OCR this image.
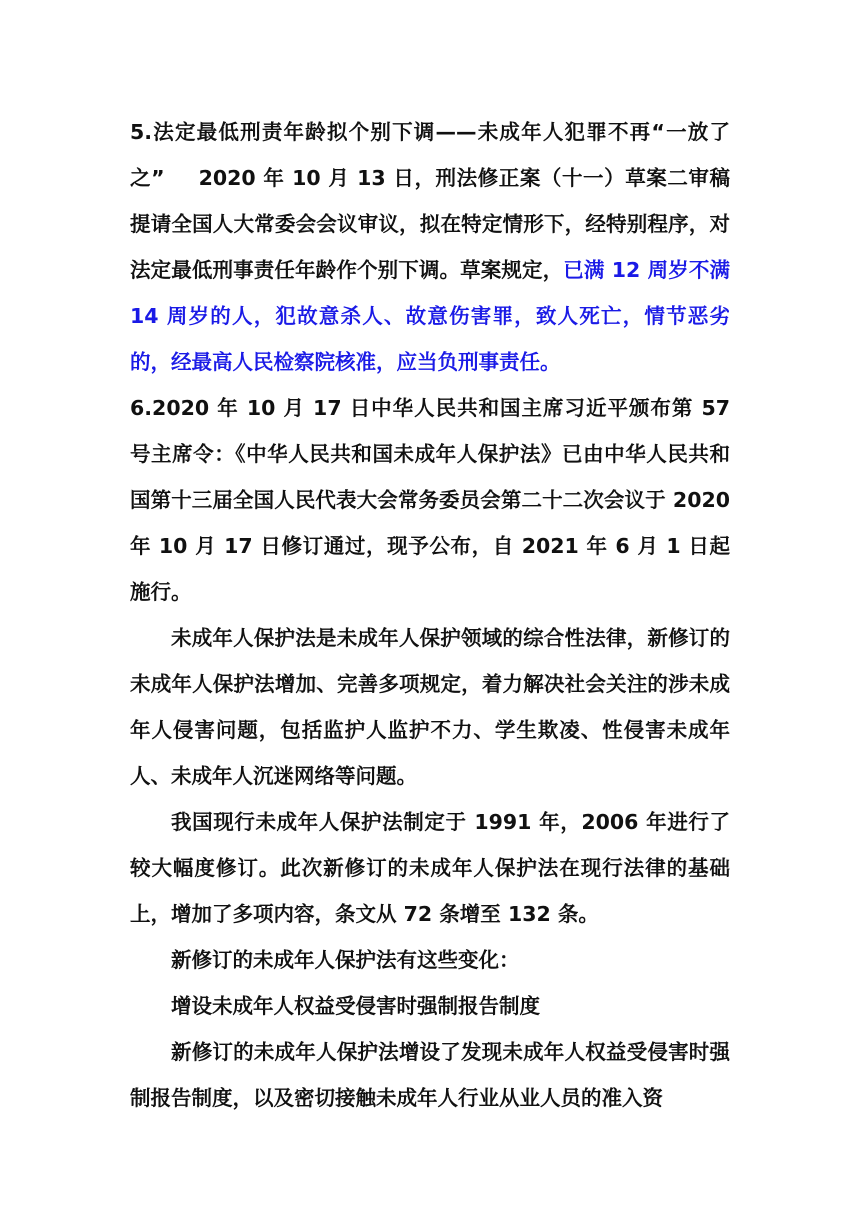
5.法定最低刑责年龄拟个别下调——未成年人犯罪不再“一放了之” 2020 年 10 月 13 日，刑法修正案（十一）草案二审稿提请全国人大常委会会议审议，拟在特定情形下，经特别程序，对法定最低刑事责任年龄作个别下调。草案规定，已满 12 周岁不满 14 周岁的人，犯故意杀人、故意伤害罪，致人死亡，情节恶劣的，经最高人民检察院核准，应当负刑事责任。

6.2020 年 10 月 17 日中华人民共和国主席习近平颁布第 57 号主席令：《中华人民共和国未成年人保护法》已由中华人民共和国第十三届全国人民代表大会常务委员会第二十二次会议于 2020 年 10 月 17 日修订通过，现予公布，自 2021 年 6 月 1 日起施行。

未成年人保护法是未成年人保护领域的综合性法律，新修订的未成年人保护法增加、完善多项规定，着力解决社会关注的涉未成年人侵害问题，包括监护人监护不力、学生欺凌、性侵害未成年人、未成年人沉迷网络等问题。

我国现行未成年人保护法制定于 1991 年，2006 年进行了较大幅度修订。此次新修订的未成年人保护法在现行法律的基础上，增加了多项内容，条文从 72 条增至 132 条。

新修订的未成年人保护法有这些变化：

增设未成年人权益受侵害时强制报告制度

新修订的未成年人保护法增设了发现未成年人权益受侵害时强制报告制度，以及密切接触未成年人行业从业人员的准入资
